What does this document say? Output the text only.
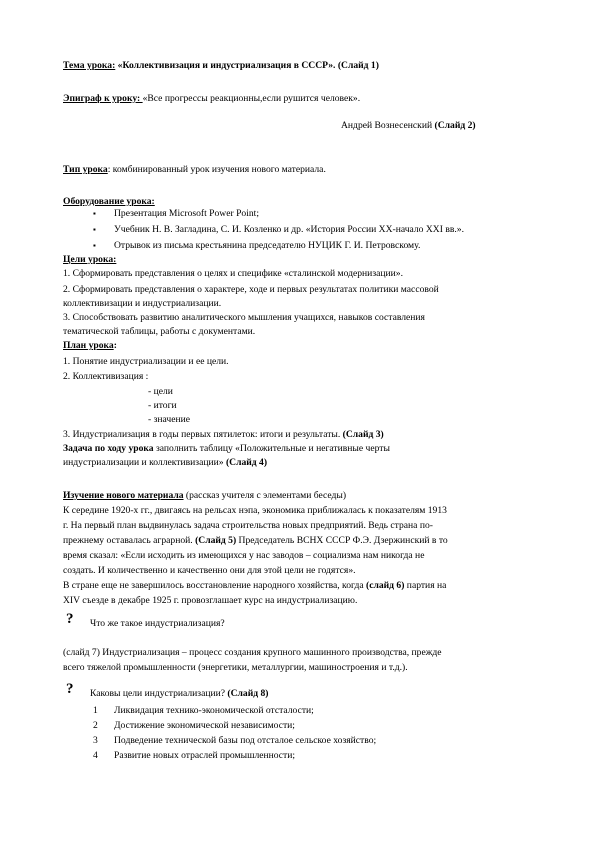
Тема урока: «Коллективизация и индустриализация в СССР». (Слайд 1)
Эпиграф к уроку: «Все прогрессы реакционны,если рушится человек».
Андрей Вознесенский (Слайд 2)
Тип урока: комбинированный урок изучения нового материала.
Оборудование урока:
▪ Презентация Microsoft Power Point;
▪ Учебник Н. В. Загладина, С. И. Козленко и др. «История России XX-начало XXI вв.».
▪ Отрывок из письма крестьянина председателю НУЦИК Г. И. Петровскому.
Цели урока:
1. Сформировать представления о целях и специфике «сталинской модернизации».
2. Сформировать представления о характере, ходе и первых результатах политики массовой
коллективизации и индустриализации.
3. Способствовать развитию аналитического мышления учащихся, навыков составления
тематической таблицы, работы с документами.
План урока:
1. Понятие индустриализации и ее цели.
2. Коллективизация :
- цели
- итоги
- значение
3. Индустриализация в годы первых пятилеток: итоги и результаты. (Слайд 3)
Задача по ходу урока заполнить таблицу «Положительные и негативные черты
индустриализации и коллективизации» (Слайд 4)
Изучение нового материала (рассказ учителя с элементами беседы)
К середине 1920-х гг., двигаясь на рельсах нэпа, экономика приближалась к показателям 1913
г. На первый план выдвинулась задача строительства новых предприятий. Ведь страна по-
прежнему оставалась аграрной. (Слайд 5) Председатель ВСНХ СССР Ф.Э. Дзержинский в то
время сказал: «Если исходить из имеющихся у нас заводов – социализма нам никогда не
создать. И количественно и качественно они для этой цели не годятся».
В стране еще не завершилось восстановление народного хозяйства, когда (слайд 6) партия на
XIV съезде в декабре 1925 г. провозглашает курс на индустриализацию.
? Что же такое индустриализация?
(слайд 7) Индустриализация – процесс создания крупного машинного производства, прежде
всего тяжелой промышленности (энергетики, металлургии, машиностроения и т.д.).
? Каковы цели индустриализации? (Слайд 8)
1 Ликвидация технико-экономической отсталости;
2 Достижение экономической независимости;
3 Подведение технической базы под отсталое сельское хозяйство;
4 Развитие новых отраслей промышленности;
